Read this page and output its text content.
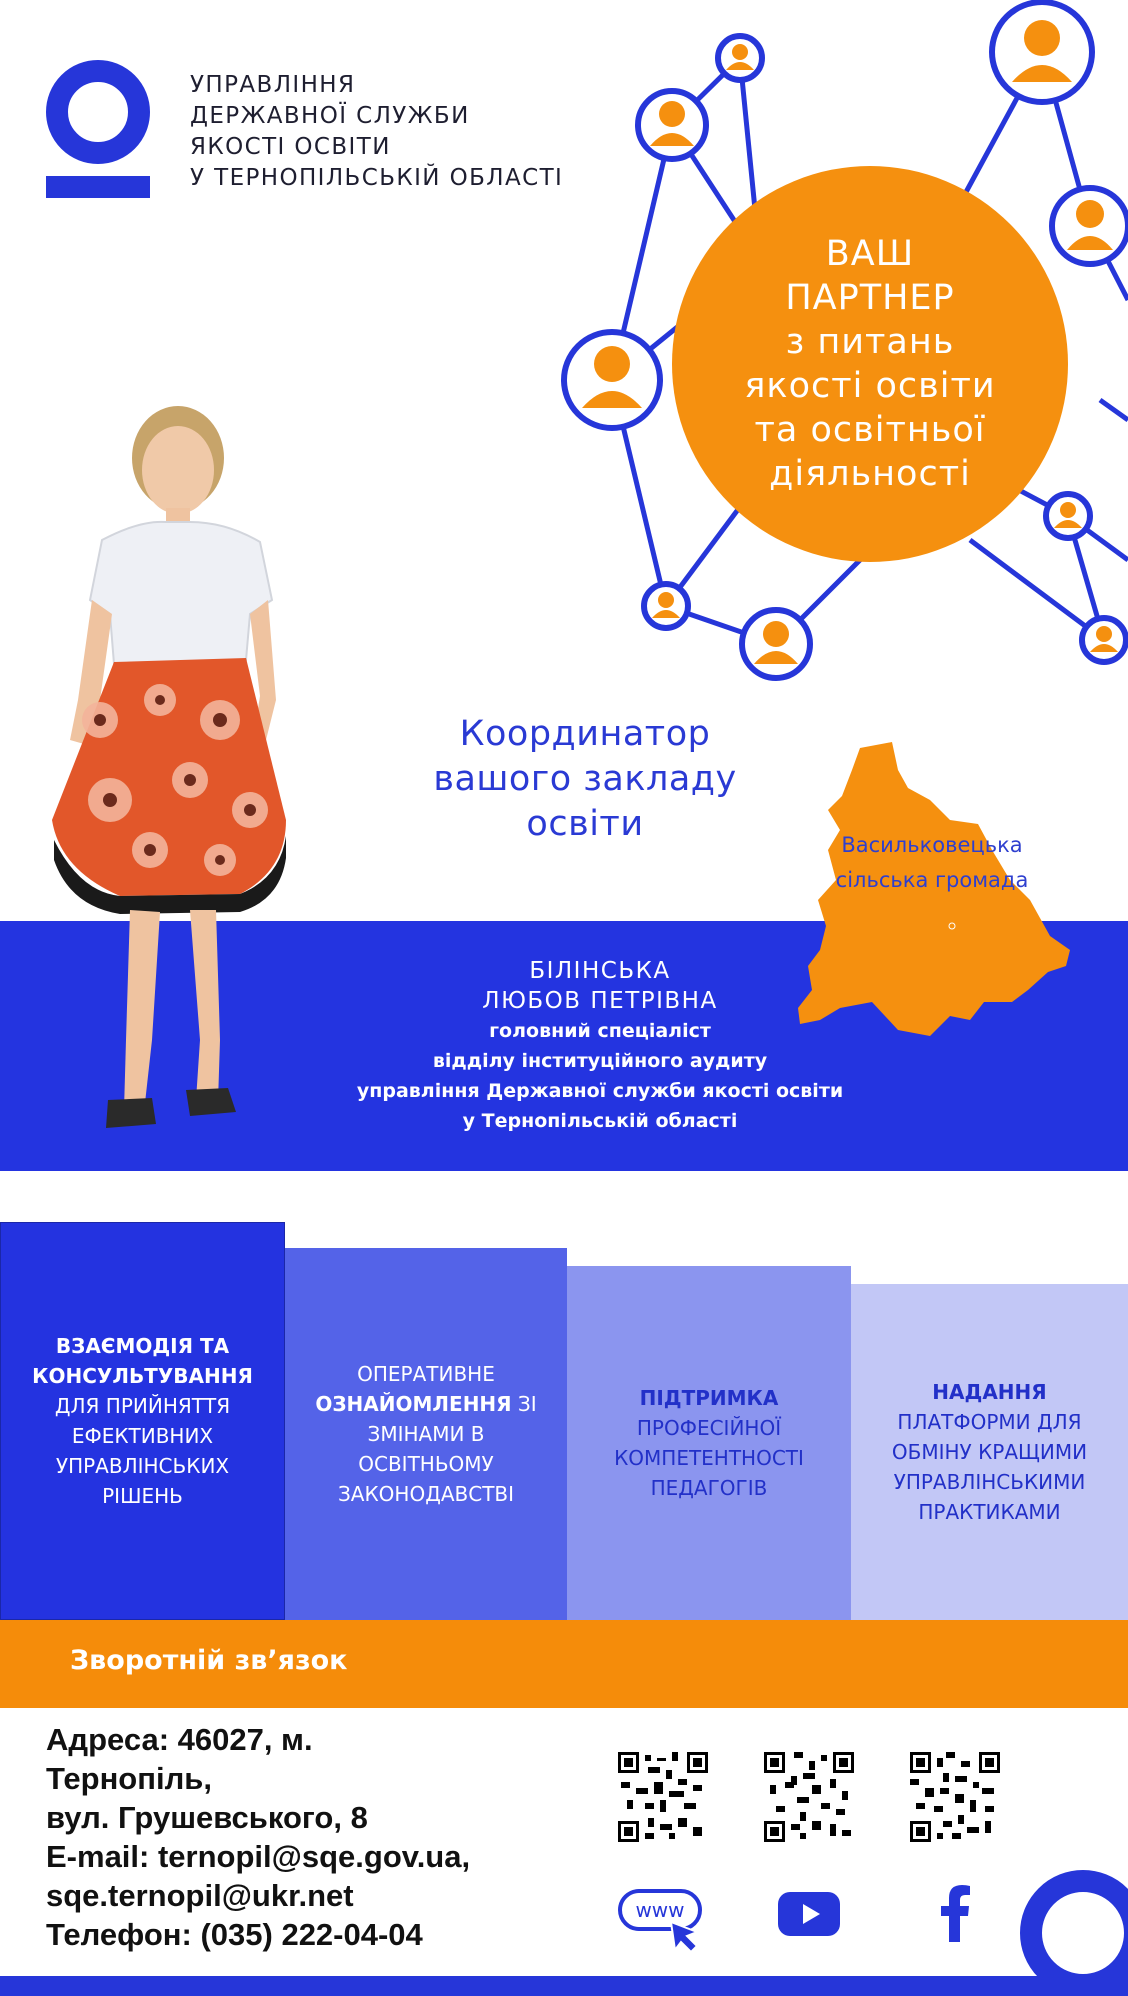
УПРАВЛІННЯ
ДЕРЖАВНОЇ СЛУЖБИ
ЯКОСТІ ОСВІТИ
У ТЕРНОПІЛЬСЬКІЙ ОБЛАСТІ
ВАШ
ПАРТНЕР
з питань
якості освіти
та освітньої
діяльності
Координатор
вашого закладу
освіти
Васильковецька
сільська громада
БІЛІНСЬКА
ЛЮБОВ ПЕТРІВНА
головний спеціаліст
відділу інституційного аудиту
управління Державної служби якості освіти
у Тернопільській області
ВЗАЄМОДІЯ ТА КОНСУЛЬТУВАННЯ ДЛЯ ПРИЙНЯТТЯ ЕФЕКТИВНИХ УПРАВЛІНСЬКИХ РІШЕНЬ
ОПЕРАТИВНЕ ОЗНАЙОМЛЕННЯ ЗІ ЗМІНАМИ В ОСВІТНЬОМУ ЗАКОНОДАВСТВІ
ПІДТРИМКА ПРОФЕСІЙНОЇ КОМПЕТЕНТНОСТІ ПЕДАГОГІВ
НАДАННЯ ПЛАТФОРМИ ДЛЯ ОБМІНУ КРАЩИМИ УПРАВЛІНСЬКИМИ ПРАКТИКАМИ
Зворотній зв’язок
Адреса: 46027, м.
Тернопіль,
вул. Грушевського, 8
E-mail: ternopil@sqe.gov.ua,
sqe.ternopil@ukr.net
Телефон: (035) 222-04-04
www
